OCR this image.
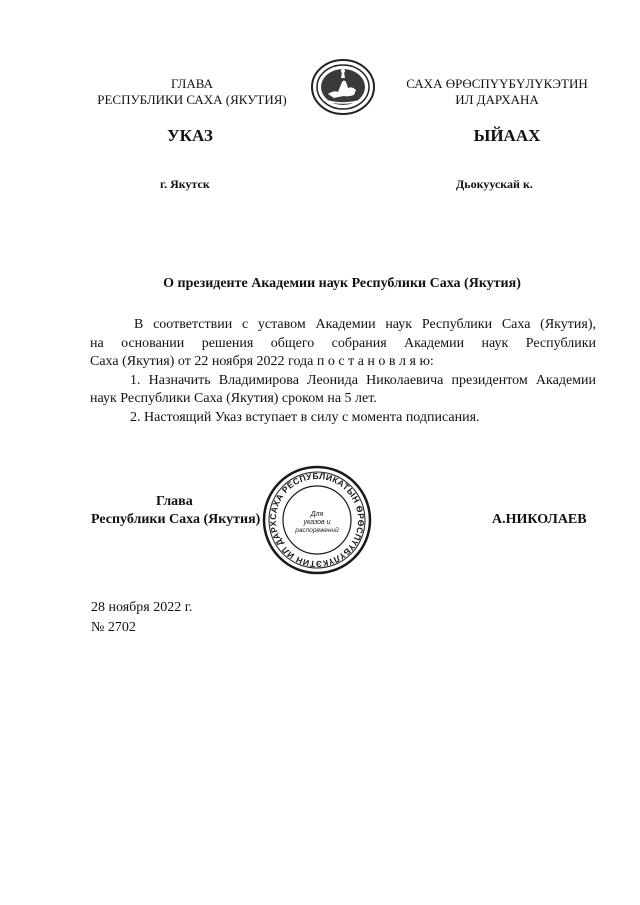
ГЛАВА
РЕСПУБЛИКИ САХА (ЯКУТИЯ)
САХА ӨРӨСПҮҮБҮЛҮКЭТИН
ИЛ ДАРХАНА
УКАЗ	ЫЙААХ
г. Якутск	Дьокуускай к.
О президенте Академии наук Республики Саха (Якутия)
В соответствии с уставом Академии наук Республики Саха (Якутия),
на основании решения общего собрания Академии наук Республики
Саха (Якутия) от 22 ноября 2022 года п о с т а н о в л я ю:
1. Назначить Владимирова Леонида Николаевича президентом Академии наук Республики Саха (Якутия) сроком на 5 лет.
2. Настоящий Указ вступает в силу с момента подписания.
Глава
Республики Саха (Якутия)	А.НИКОЛАЕВ
САХА РЕСПУБЛИКАТЫН ӨРӨСПҮҮБҮЛҮКЭТИН ИЛ ДАРХ
Для
указов и
распоряжений
28 ноября 2022 г.
№ 2702
